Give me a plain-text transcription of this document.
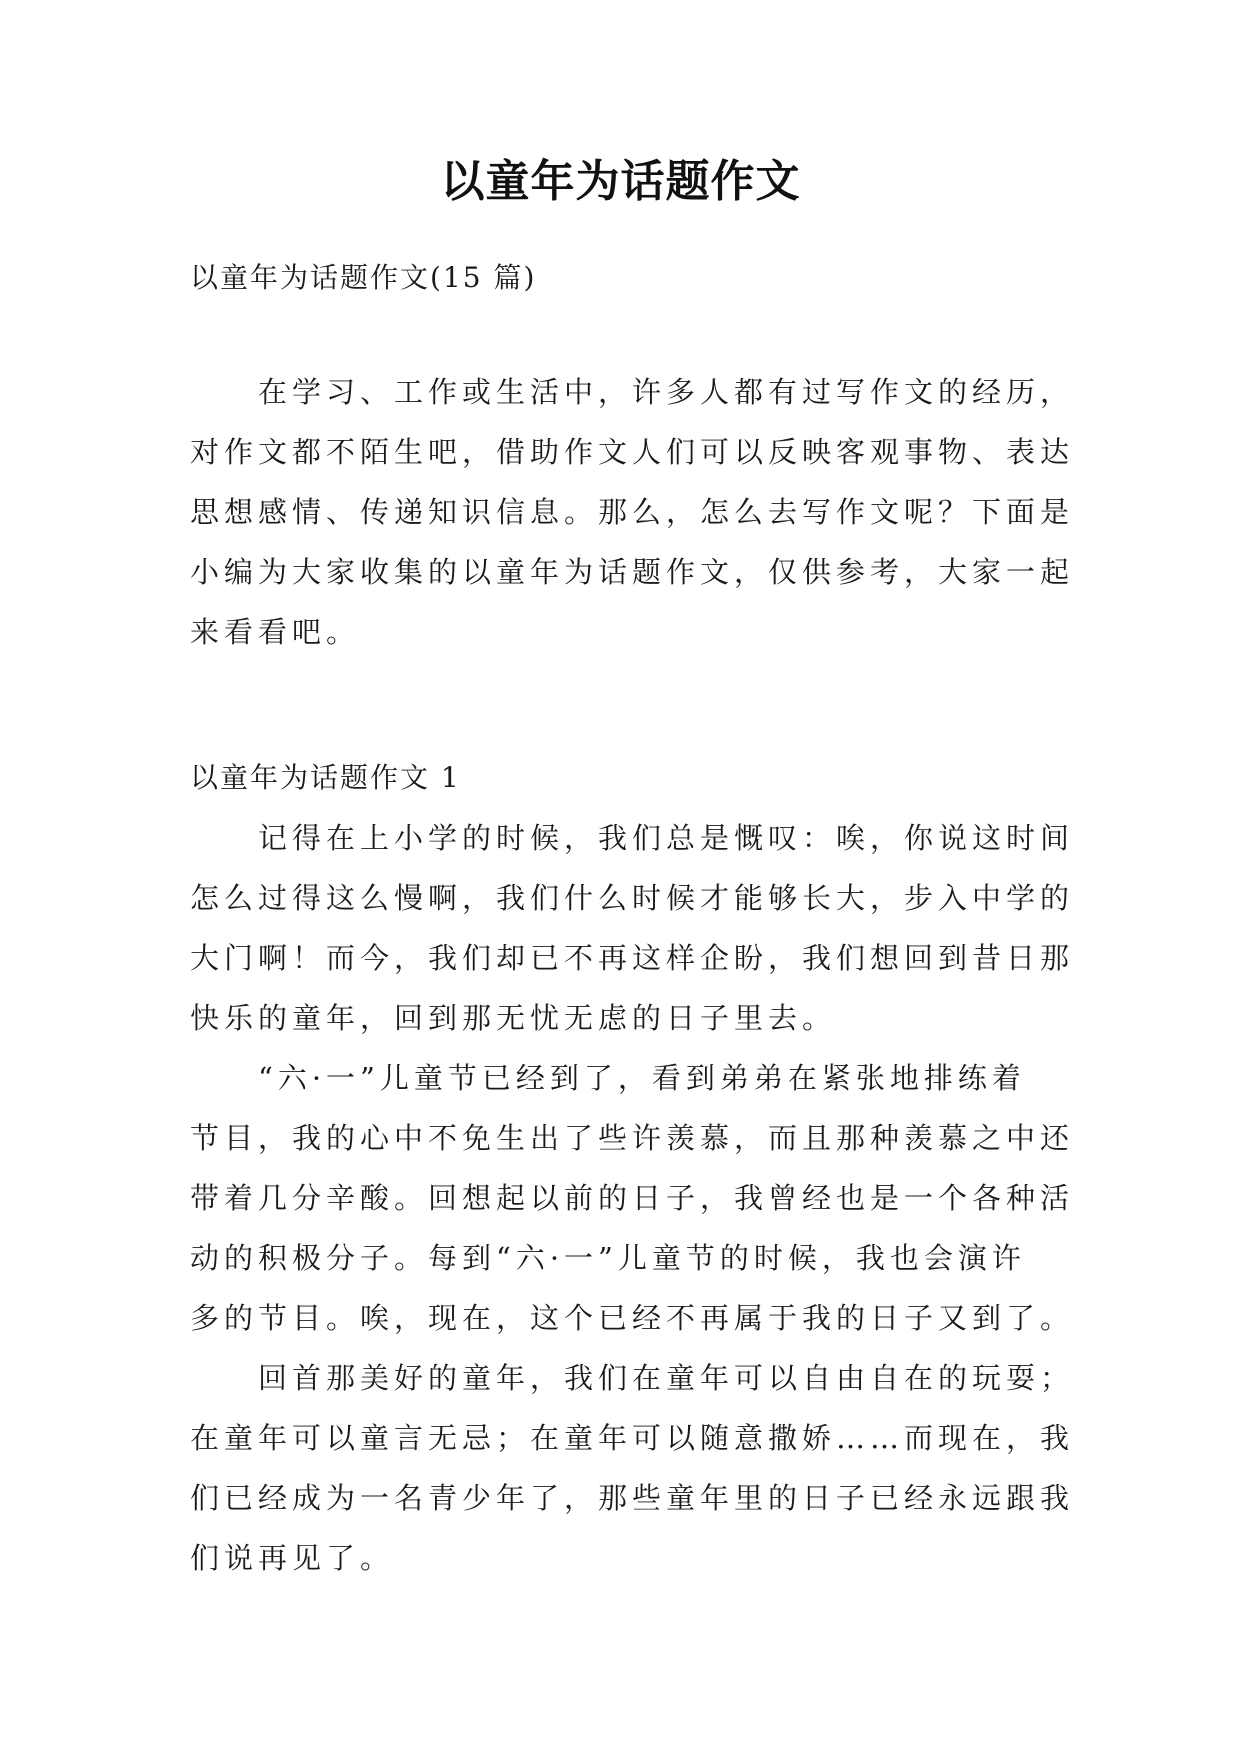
以童年为话题作文

以童年为话题作文(15 篇)

在学习、工作或生活中，许多人都有过写作文的经历，
对作文都不陌生吧，借助作文人们可以反映客观事物、表达
思想感情、传递知识信息。那么，怎么去写作文呢？下面是
小编为大家收集的以童年为话题作文，仅供参考，大家一起
来看看吧。

以童年为话题作文 1

记得在上小学的时候，我们总是慨叹：唉，你说这时间
怎么过得这么慢啊，我们什么时候才能够长大，步入中学的
大门啊！而今，我们却已不再这样企盼，我们想回到昔日那
快乐的童年，回到那无忧无虑的日子里去。

“六·一”儿童节已经到了，看到弟弟在紧张地排练着
节目，我的心中不免生出了些许羡慕，而且那种羡慕之中还
带着几分辛酸。回想起以前的日子，我曾经也是一个各种活
动的积极分子。每到“六·一”儿童节的时候，我也会演许
多的节目。唉，现在，这个已经不再属于我的日子又到了。

回首那美好的童年，我们在童年可以自由自在的玩耍；
在童年可以童言无忌；在童年可以随意撒娇……而现在，我
们已经成为一名青少年了，那些童年里的日子已经永远跟我
们说再见了。
